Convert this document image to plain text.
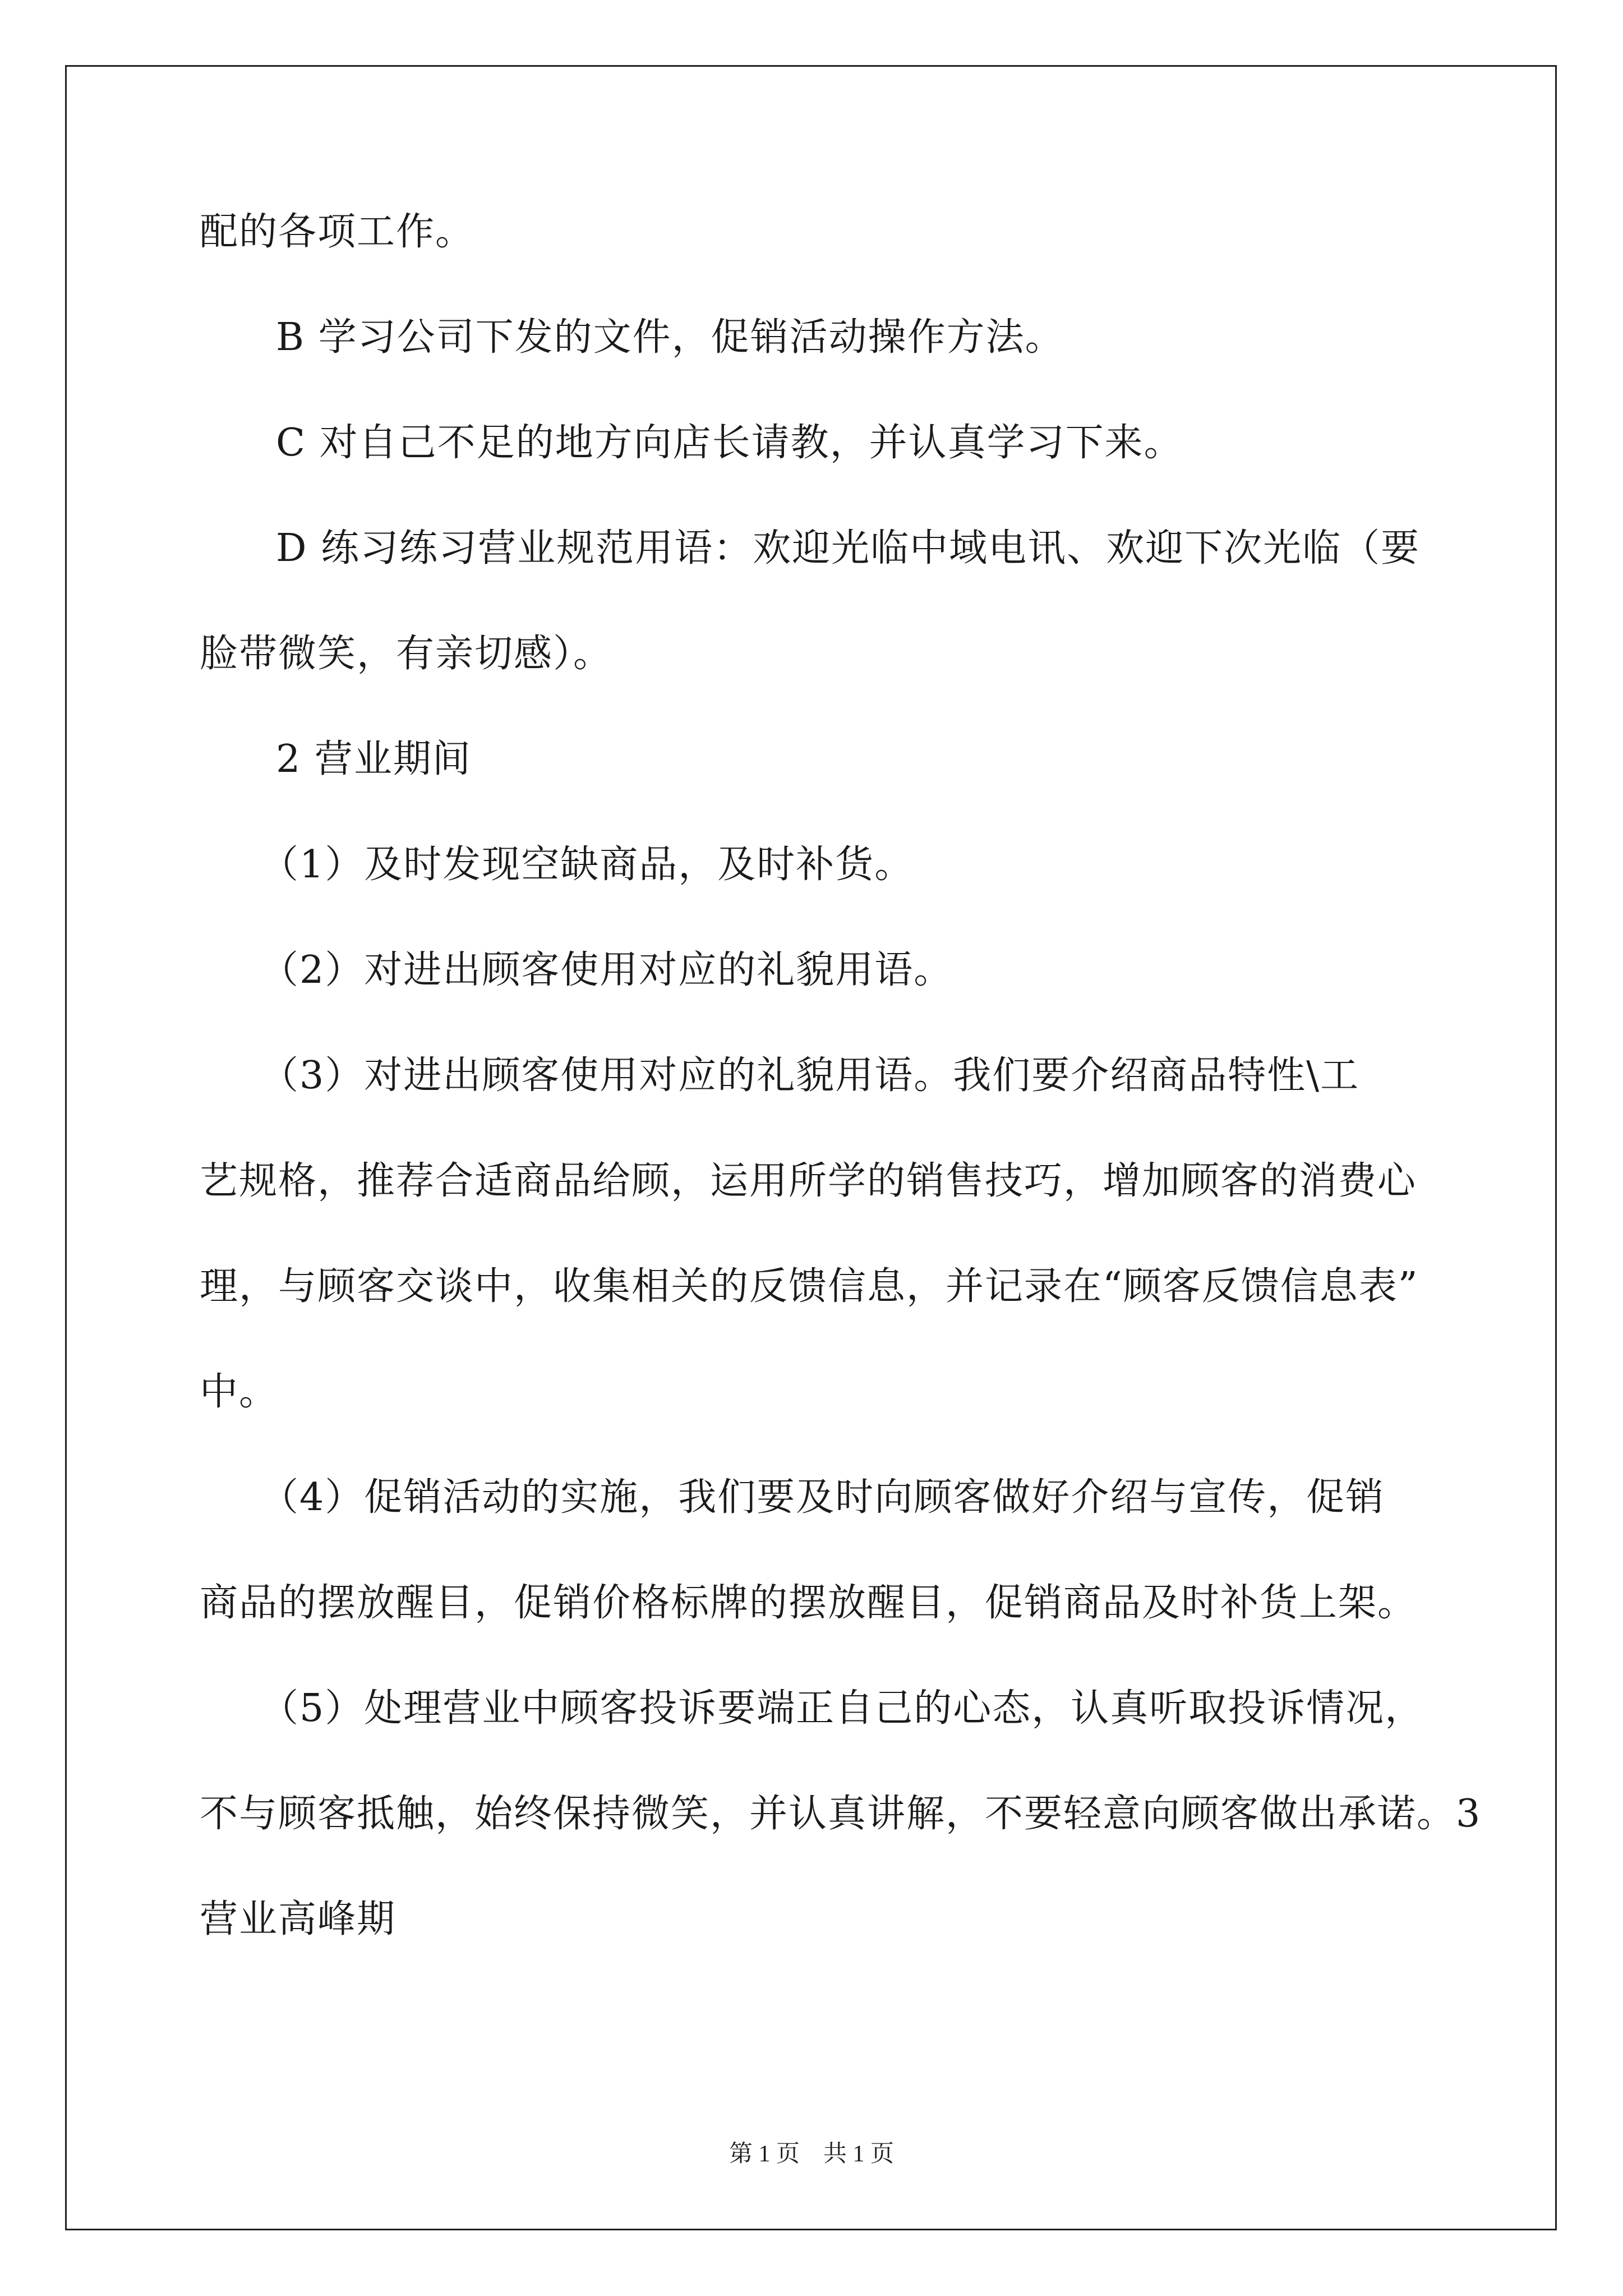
配的各项工作。
B 学习公司下发的文件，促销活动操作方法。
C 对自己不足的地方向店长请教，并认真学习下来。
D 练习练习营业规范用语：欢迎光临中域电讯、欢迎下次光临（要
脸带微笑，有亲切感）。
2 营业期间
（1）及时发现空缺商品，及时补货。
（2）对进出顾客使用对应的礼貌用语。
（3）对进出顾客使用对应的礼貌用语。我们要介绍商品特性\工
艺规格，推荐合适商品给顾，运用所学的销售技巧，增加顾客的消费心
理，与顾客交谈中，收集相关的反馈信息，并记录在“顾客反馈信息表”
中。
（4）促销活动的实施，我们要及时向顾客做好介绍与宣传，促销
商品的摆放醒目，促销价格标牌的摆放醒目，促销商品及时补货上架。
（5）处理营业中顾客投诉要端正自己的心态，认真听取投诉情况，
不与顾客抵触，始终保持微笑，并认真讲解，不要轻意向顾客做出承诺。3
营业高峰期
第 1 页　共 1 页
